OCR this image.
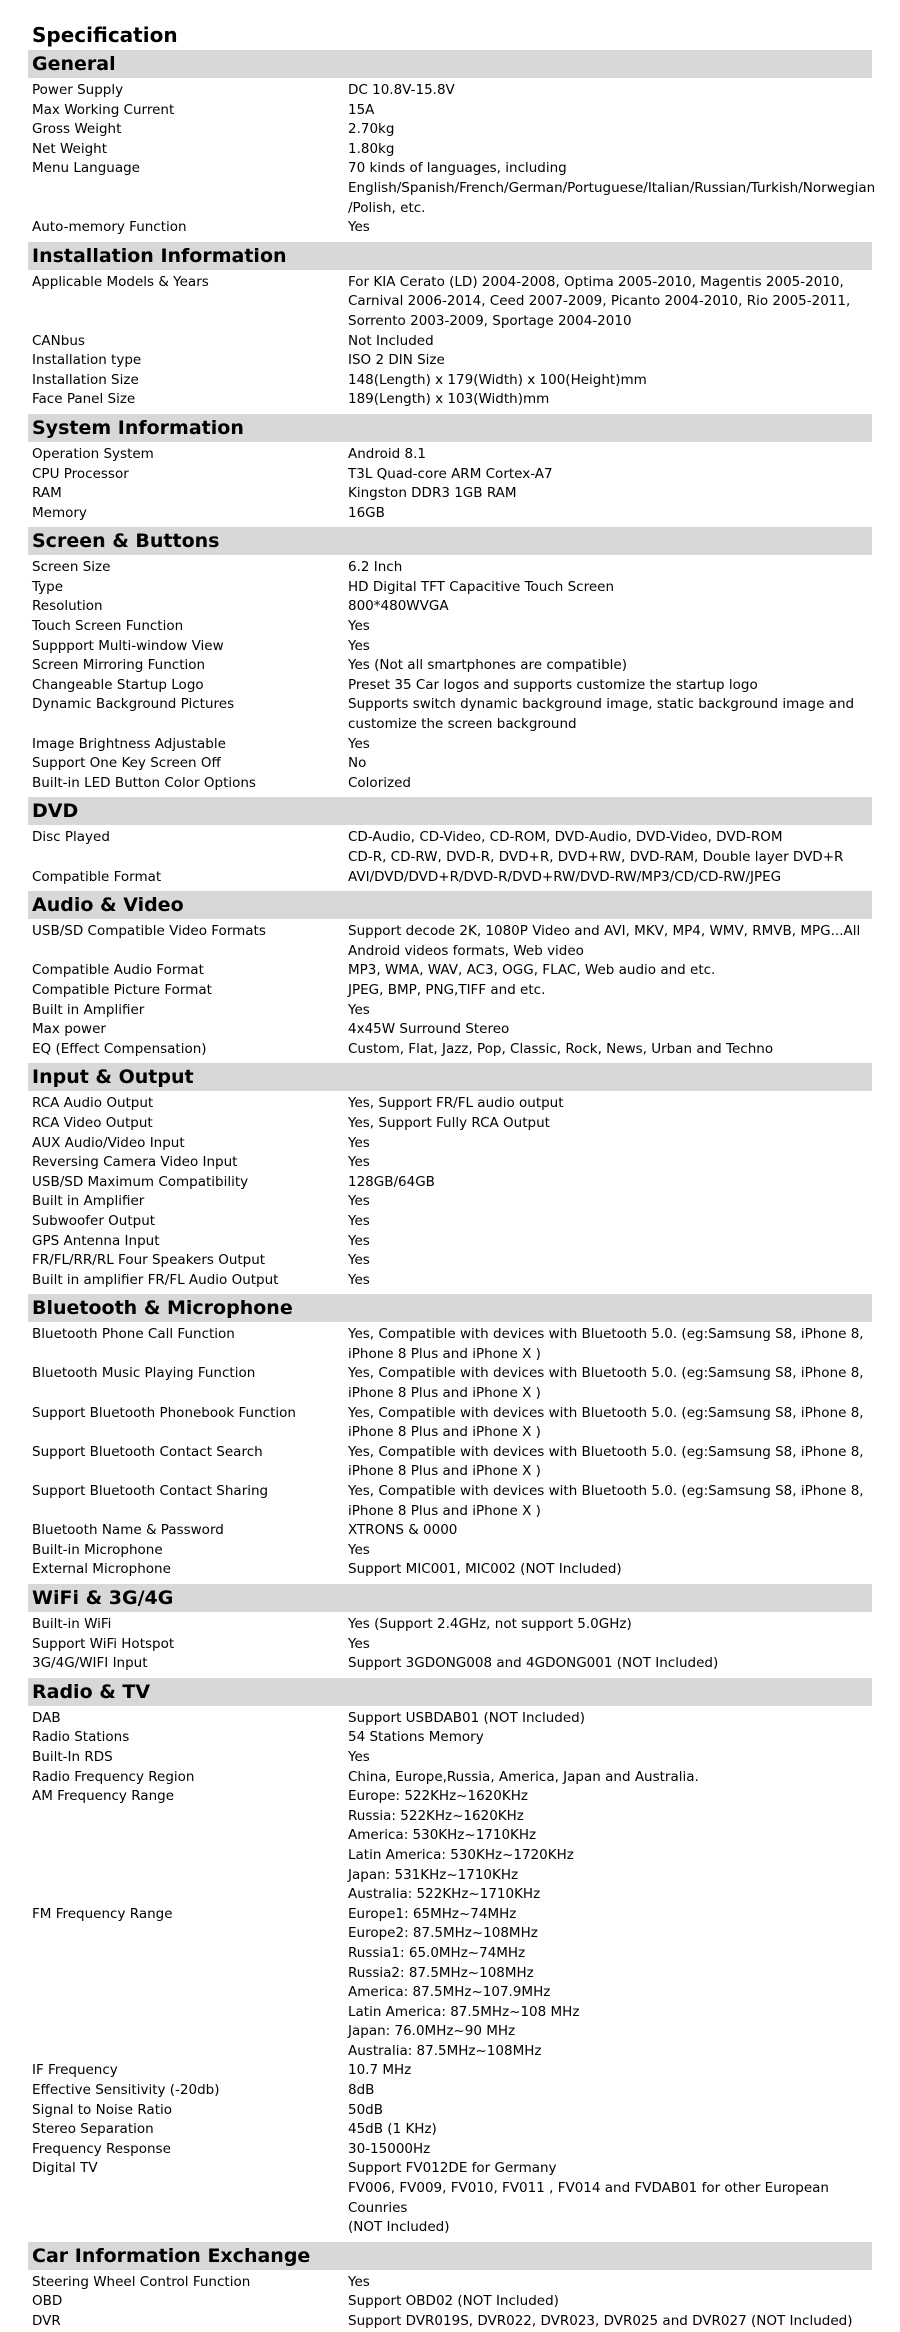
Specification
General
Power Supply	DC 10.8V-15.8V
Max Working Current	15A
Gross Weight	2.70kg
Net Weight	1.80kg
Menu Language	70 kinds of languages, including
English/Spanish/French/German/Portuguese/Italian/Russian/Turkish/Norwegian
/Polish, etc.
Auto-memory Function	Yes
Installation Information
Applicable Models & Years	For KIA Cerato (LD) 2004-2008, Optima 2005-2010, Magentis 2005-2010,
Carnival 2006-2014, Ceed 2007-2009, Picanto 2004-2010, Rio 2005-2011,
Sorrento 2003-2009, Sportage 2004-2010
CANbus	Not Included
Installation type	ISO 2 DIN Size
Installation Size	148(Length) x 179(Width) x 100(Height)mm
Face Panel Size	189(Length) x 103(Width)mm
System Information
Operation System	Android 8.1
CPU Processor	T3L Quad-core ARM Cortex-A7
RAM	Kingston DDR3 1GB RAM
Memory	16GB
Screen & Buttons
Screen Size	6.2 Inch
Type	HD Digital TFT Capacitive Touch Screen
Resolution	800*480WVGA
Touch Screen Function	Yes
Suppport Multi-window View	Yes
Screen Mirroring Function	Yes (Not all smartphones are compatible)
Changeable Startup Logo	Preset 35 Car logos and supports customize the startup logo
Dynamic Background Pictures	Supports switch dynamic background image, static background image and
customize the screen background
Image Brightness Adjustable	Yes
Support One Key Screen Off	No
Built-in LED Button Color Options	Colorized
DVD
Disc Played	CD-Audio, CD-Video, CD-ROM, DVD-Audio, DVD-Video, DVD-ROM
CD-R, CD-RW, DVD-R, DVD+R, DVD+RW, DVD-RAM, Double layer DVD+R
Compatible Format	AVI/DVD/DVD+R/DVD-R/DVD+RW/DVD-RW/MP3/CD/CD-RW/JPEG
Audio & Video
USB/SD Compatible Video Formats	Support decode 2K, 1080P Video and AVI, MKV, MP4, WMV, RMVB, MPG...All
Android videos formats, Web video
Compatible Audio Format	MP3, WMA, WAV, AC3, OGG, FLAC, Web audio and etc.
Compatible Picture Format	JPEG, BMP, PNG,TIFF and etc.
Built in Amplifier	Yes
Max power	4x45W Surround Stereo
EQ (Effect Compensation)	Custom, Flat, Jazz, Pop, Classic, Rock, News, Urban and Techno
Input & Output
RCA Audio Output	Yes, Support FR/FL audio output
RCA Video Output	Yes, Support Fully RCA Output
AUX Audio/Video Input	Yes
Reversing Camera Video Input	Yes
USB/SD Maximum Compatibility	128GB/64GB
Built in Amplifier	Yes
Subwoofer Output	Yes
GPS Antenna Input	Yes
FR/FL/RR/RL Four Speakers Output	Yes
Built in amplifier FR/FL Audio Output	Yes
Bluetooth & Microphone
Bluetooth Phone Call Function	Yes, Compatible with devices with Bluetooth 5.0. (eg:Samsung S8, iPhone 8,
iPhone 8 Plus and iPhone X )
Bluetooth Music Playing Function	Yes, Compatible with devices with Bluetooth 5.0. (eg:Samsung S8, iPhone 8,
iPhone 8 Plus and iPhone X )
Support Bluetooth Phonebook Function	Yes, Compatible with devices with Bluetooth 5.0. (eg:Samsung S8, iPhone 8,
iPhone 8 Plus and iPhone X )
Support Bluetooth Contact Search	Yes, Compatible with devices with Bluetooth 5.0. (eg:Samsung S8, iPhone 8,
iPhone 8 Plus and iPhone X )
Support Bluetooth Contact Sharing	Yes, Compatible with devices with Bluetooth 5.0. (eg:Samsung S8, iPhone 8,
iPhone 8 Plus and iPhone X )
Bluetooth Name & Password	XTRONS & 0000
Built-in Microphone	Yes
External Microphone	Support MIC001, MIC002 (NOT Included)
WiFi & 3G/4G
Built-in WiFi	Yes (Support 2.4GHz, not support 5.0GHz)
Support WiFi Hotspot	Yes
3G/4G/WIFI Input	Support 3GDONG008 and 4GDONG001 (NOT Included)
Radio & TV
DAB	Support USBDAB01 (NOT Included)
Radio Stations	54 Stations Memory
Built-In RDS	Yes
Radio Frequency Region	China, Europe,Russia, America, Japan and Australia.
AM Frequency Range	Europe: 522KHz~1620KHz
Russia: 522KHz~1620KHz
America: 530KHz~1710KHz
Latin America: 530KHz~1720KHz
Japan: 531KHz~1710KHz
Australia: 522KHz~1710KHz
FM Frequency Range	Europe1: 65MHz~74MHz
Europe2: 87.5MHz~108MHz
Russia1: 65.0MHz~74MHz
Russia2: 87.5MHz~108MHz
America: 87.5MHz~107.9MHz
Latin America: 87.5MHz~108 MHz
Japan: 76.0MHz~90 MHz
Australia: 87.5MHz~108MHz
IF Frequency	10.7 MHz
Effective Sensitivity (-20db)	8dB
Signal to Noise Ratio	50dB
Stereo Separation	45dB (1 KHz)
Frequency Response	30-15000Hz
Digital TV	Support FV012DE for Germany
FV006, FV009, FV010, FV011 , FV014 and FVDAB01 for other European Counries
(NOT Included)
Car Information Exchange
Steering Wheel Control Function	Yes
OBD	Support OBD02 (NOT Included)
DVR	Support DVR019S, DVR022, DVR023, DVR025 and DVR027 (NOT Included)
